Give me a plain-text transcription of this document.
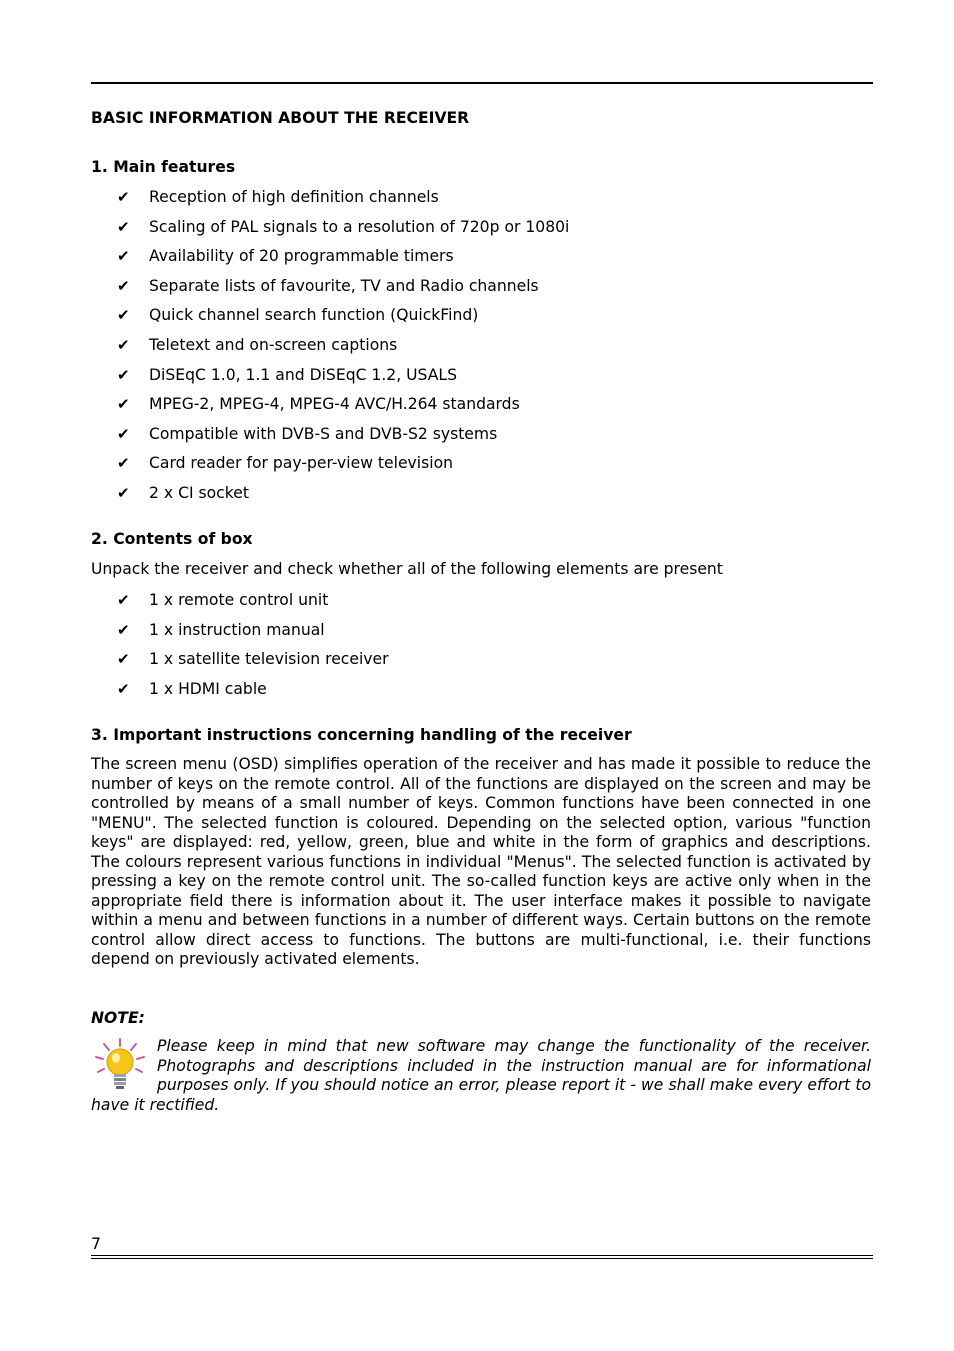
BASIC INFORMATION ABOUT THE RECEIVER
1. Main features
✔	Reception of high definition channels
✔	Scaling of PAL signals to a resolution of 720p or 1080i
✔	Availability of 20 programmable timers
✔	Separate lists of favourite, TV and Radio channels
✔	Quick channel search function (QuickFind)
✔	Teletext and on-screen captions
✔	DiSEqC 1.0, 1.1 and DiSEqC 1.2, USALS
✔	MPEG-2, MPEG-4, MPEG-4 AVC/H.264 standards
✔	Compatible with DVB-S and DVB-S2 systems
✔	Card reader for pay-per-view television
✔	2 x CI socket
2. Contents of box
Unpack the receiver and check whether all of the following elements are present
✔	1 x remote control unit
✔	1 x instruction manual
✔	1 x satellite television receiver
✔	1 x HDMI cable
3. Important instructions concerning handling of the receiver

The screen menu (OSD) simplifies operation of the receiver and has made it possible to reduce the number of keys on the remote control. All of the functions are displayed on the screen and may be controlled by means of a small number of keys. Common functions have been connected in one "MENU". The selected function is coloured. Depending on the selected option, various "function keys" are displayed: red, yellow, green, blue and white in the form of graphics and descriptions. The colours represent various functions in individual "Menus". The selected function is activated by pressing a key on the remote control unit. The so-called function keys are active only when in the appropriate field there is information about it. The user interface makes it possible to navigate within a menu and between functions in a number of different ways. Certain buttons on the remote control allow direct access to functions. The buttons are multi-functional, i.e. their functions depend on previously activated elements.

NOTE:
Please keep in mind that new software may change the functionality of the receiver. Photographs and descriptions included in the instruction manual are for informational purposes only. If you should notice an error, please report it - we shall make every effort to have it rectified.
7
